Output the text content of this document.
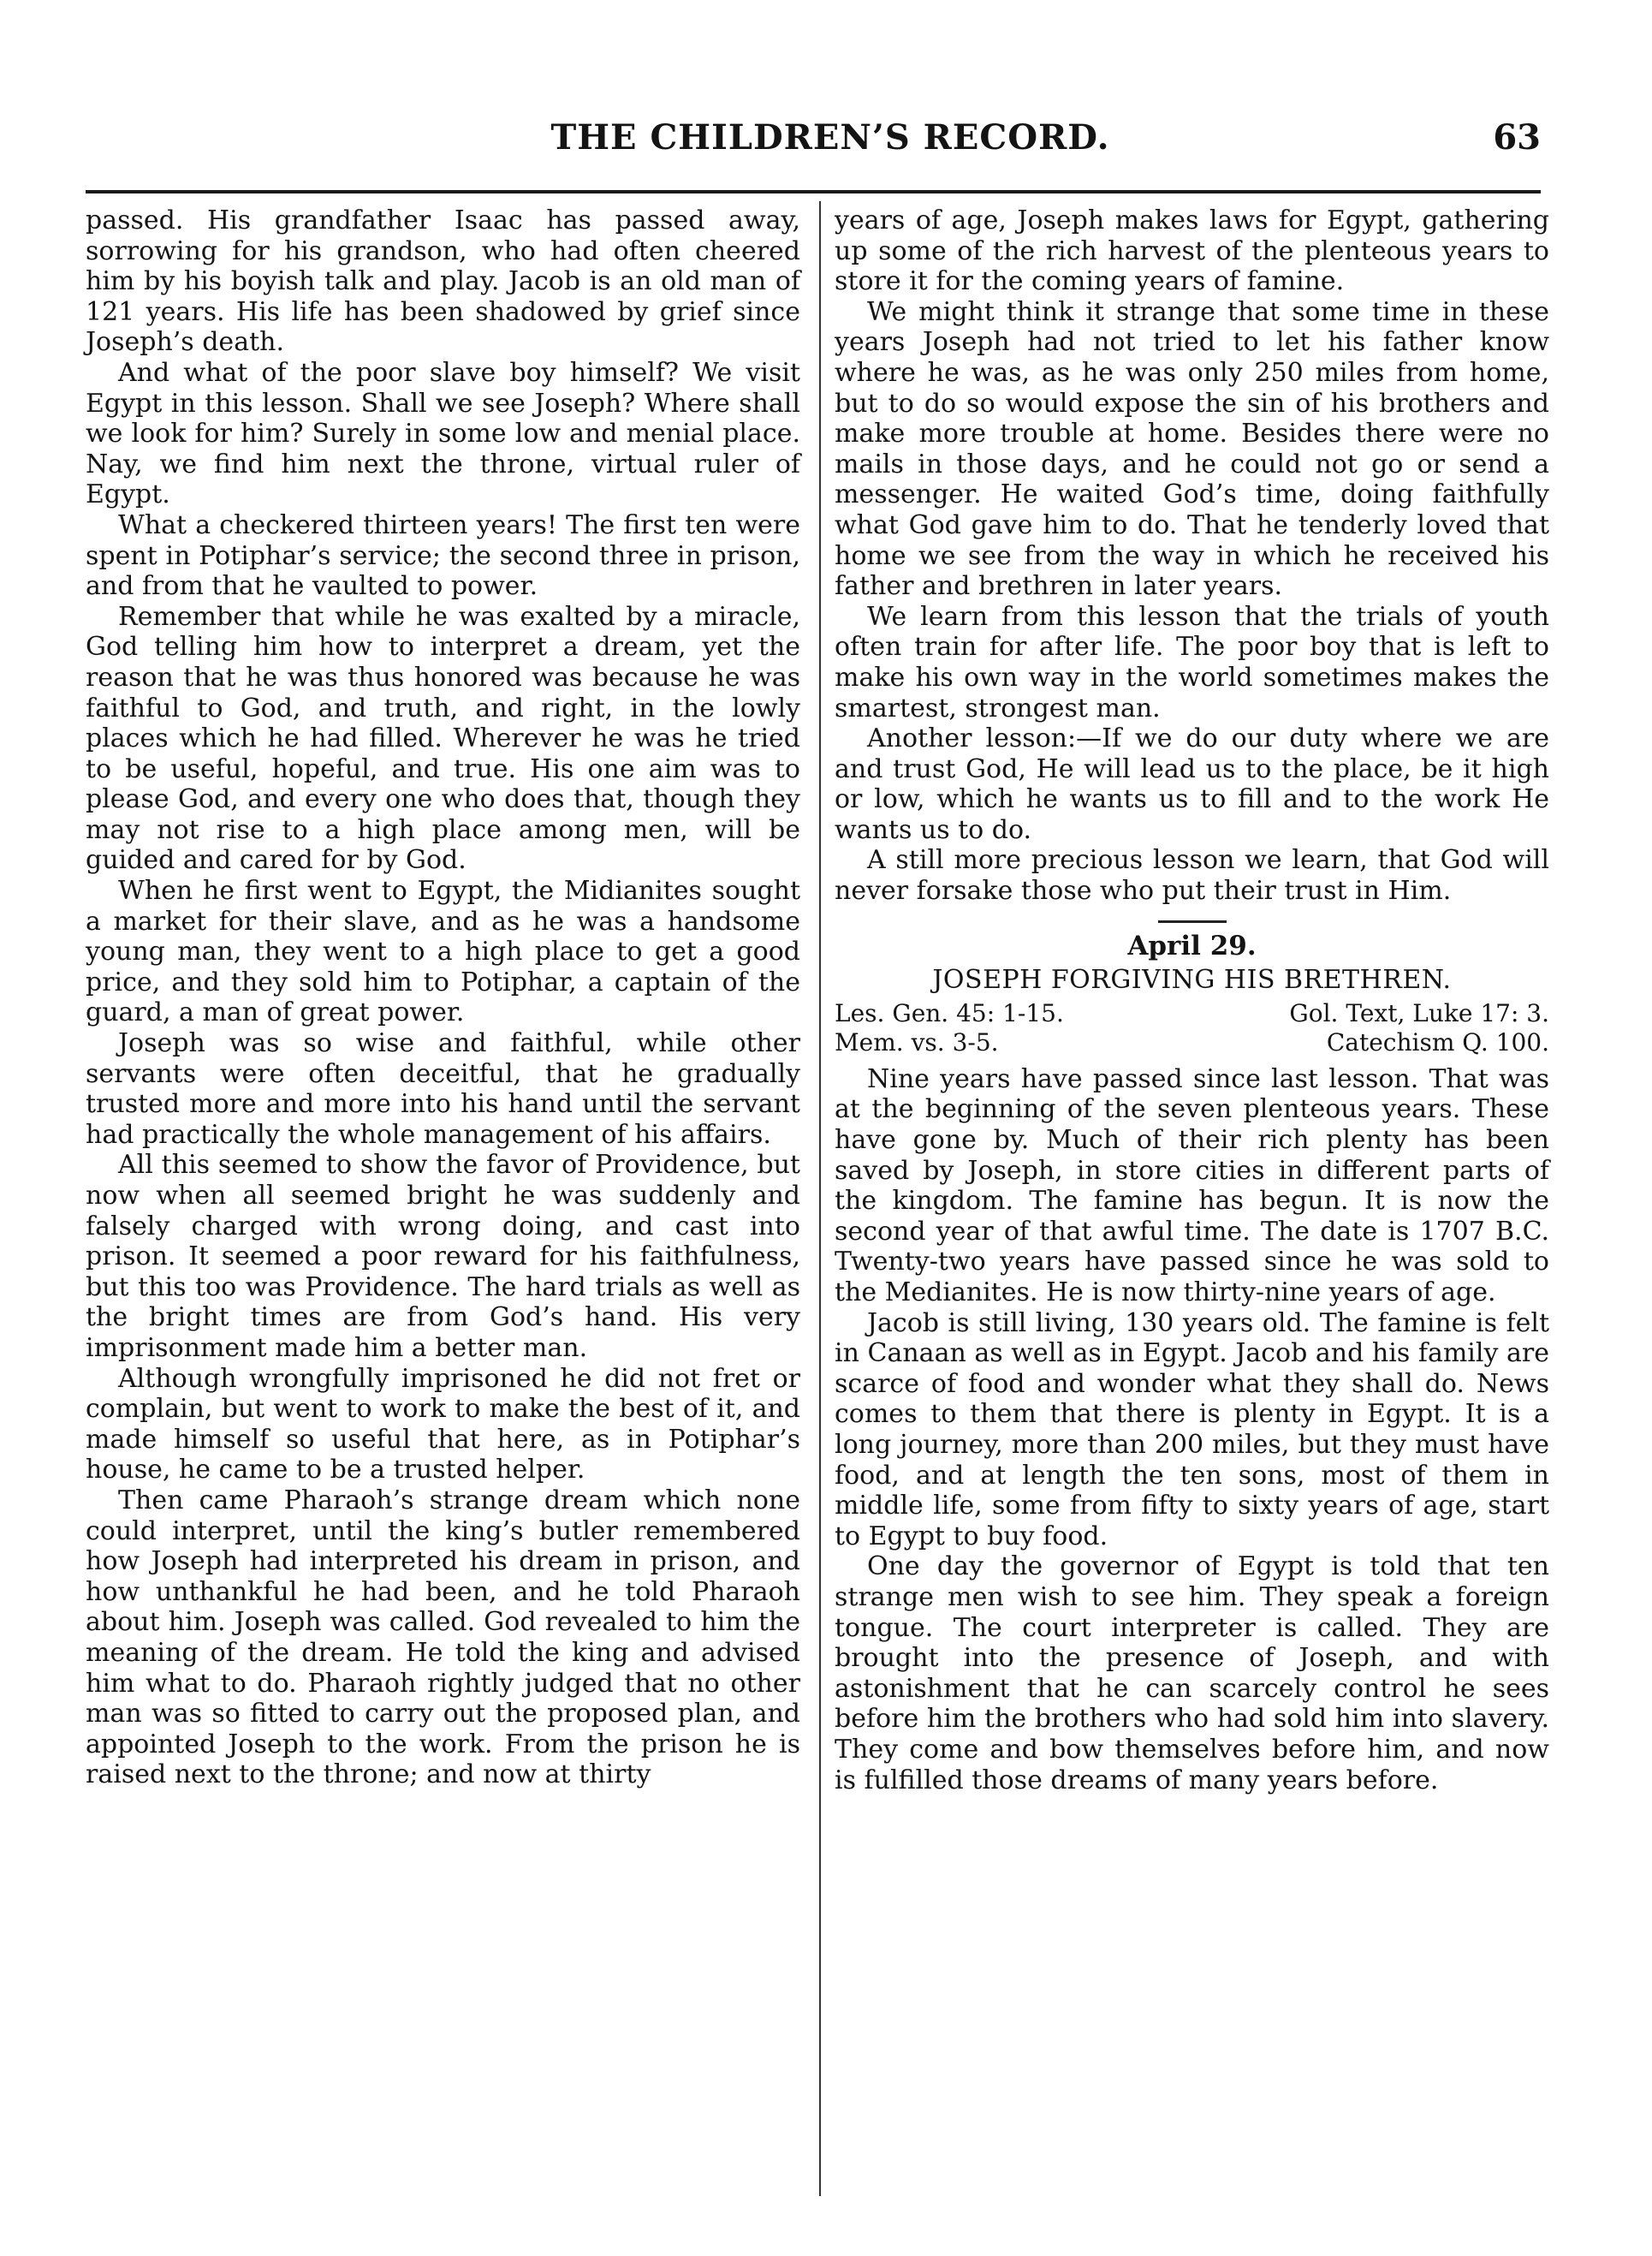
THE CHILDREN’S RECORD.	63

passed. His grandfather Isaac has passed away, sorrowing for his grandson, who had often cheered him by his boyish talk and play. Jacob is an old man of 121 years. His life has been shadowed by grief since Joseph’s death.

And what of the poor slave boy himself? We visit Egypt in this lesson. Shall we see Joseph? Where shall we look for him? Surely in some low and menial place. Nay, we find him next the throne, virtual ruler of Egypt.

What a checkered thirteen years! The first ten were spent in Potiphar’s service; the second three in prison, and from that he vaulted to power.

Remember that while he was exalted by a miracle, God telling him how to interpret a dream, yet the reason that he was thus honored was because he was faithful to God, and truth, and right, in the lowly places which he had filled. Wherever he was he tried to be useful, hopeful, and true. His one aim was to please God, and every one who does that, though they may not rise to a high place among men, will be guided and cared for by God.

When he first went to Egypt, the Midianites sought a market for their slave, and as he was a handsome young man, they went to a high place to get a good price, and they sold him to Potiphar, a captain of the guard, a man of great power.

Joseph was so wise and faithful, while other servants were often deceitful, that he gradually trusted more and more into his hand until the servant had practically the whole management of his affairs.

All this seemed to show the favor of Providence, but now when all seemed bright he was suddenly and falsely charged with wrong doing, and cast into prison. It seemed a poor reward for his faithfulness, but this too was Providence. The hard trials as well as the bright times are from God’s hand. His very imprisonment made him a better man.

Although wrongfully imprisoned he did not fret or complain, but went to work to make the best of it, and made himself so useful that here, as in Potiphar’s house, he came to be a trusted helper.

Then came Pharaoh’s strange dream which none could interpret, until the king’s butler remembered how Joseph had interpreted his dream in prison, and how unthankful he had been, and he told Pharaoh about him. Joseph was called. God revealed to him the meaning of the dream. He told the king and advised him what to do. Pharaoh rightly judged that no other man was so fitted to carry out the proposed plan, and appointed Joseph to the work. From the prison he is raised next to the throne; and now at thirty

years of age, Joseph makes laws for Egypt, gathering up some of the rich harvest of the plenteous years to store it for the coming years of famine.

We might think it strange that some time in these years Joseph had not tried to let his father know where he was, as he was only 250 miles from home, but to do so would expose the sin of his brothers and make more trouble at home. Besides there were no mails in those days, and he could not go or send a messenger. He waited God’s time, doing faithfully what God gave him to do. That he tenderly loved that home we see from the way in which he received his father and brethren in later years.

We learn from this lesson that the trials of youth often train for after life. The poor boy that is left to make his own way in the world sometimes makes the smartest, strongest man.

Another lesson:—If we do our duty where we are and trust God, He will lead us to the place, be it high or low, which he wants us to fill and to the work He wants us to do.

A still more precious lesson we learn, that God will never forsake those who put their trust in Him.

April 29.
JOSEPH FORGIVING HIS BRETHREN.
Les. Gen. 45: 1-15.	Gol. Text, Luke 17: 3.
Mem. vs. 3-5.	Catechism Q. 100.

Nine years have passed since last lesson. That was at the beginning of the seven plenteous years. These have gone by. Much of their rich plenty has been saved by Joseph, in store cities in different parts of the kingdom. The famine has begun. It is now the second year of that awful time. The date is 1707 B.C. Twenty-two years have passed since he was sold to the Medianites. He is now thirty-nine years of age.

Jacob is still living, 130 years old. The famine is felt in Canaan as well as in Egypt. Jacob and his family are scarce of food and wonder what they shall do. News comes to them that there is plenty in Egypt. It is a long journey, more than 200 miles, but they must have food, and at length the ten sons, most of them in middle life, some from fifty to sixty years of age, start to Egypt to buy food.

One day the governor of Egypt is told that ten strange men wish to see him. They speak a foreign tongue. The court interpreter is called. They are brought into the presence of Joseph, and with astonishment that he can scarcely control he sees before him the brothers who had sold him into slavery. They come and bow themselves before him, and now is fulfilled those dreams of many years before.
